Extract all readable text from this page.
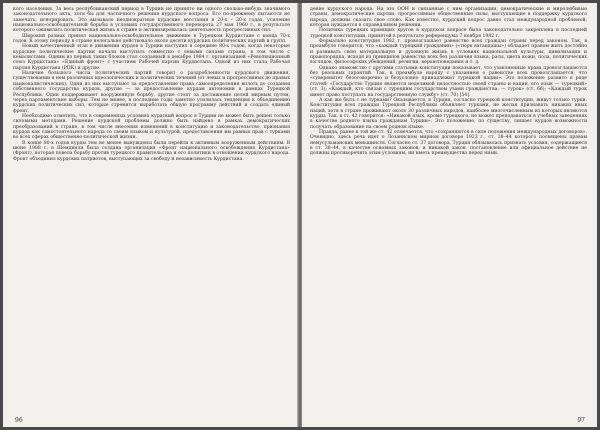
кого населения. За весь республиканский период в Турции не принято ни одного сколько-нибудь значимого законодательного акта, хотя бы для частичного решения курдского вопроса. Его по-прежнему пытаются не замечать, игнорировать. Это вызывало неоднократные курдские восстания в 20-х – 30-х годах, усиление национально-освободительной борьбы в условиях государственного переворота 27 мая 1960 г., в результате которого оживилась политическая жизнь в стране и активизировалась деятельность прогрессивных сил.

Широкий размах принял национально-освободительное движение в Турецком Курдистане с конца 70-х годов. К этому периоду в стране нелегально действовало около десяти курдских политических партий и групп.

Новый качественный этап в движении курдов в Турции наступил в середине 80-х годов, когда некоторые курдские политические партии начали выступать совместно с левыми силами страны, в том числе с кемалистами. Одним из первых таких блоков стал созданный в декабре 1984 г. организацией «Революционный союз Курдистана» «Единый фронт» с участием Рабочей партии Курдистана. Одной из них стала Рабочая партия Курдистана (РПК) и другие.

Наличие большого числа политических партий говорит о раздробленности курдского движения, существовании в нем различных идеологических и политических течений (от левых и прогрессивных до правых националистических). Одни из них выступают за предоставление права самоопределения вплоть до создания собственного государства курдов, другие — за предоставление курдам автономии в рамках Турецкой Республики. Одни поддерживают вооруженную борьбу, другие стоят за достижение целей мирным путем, через парламентские выборы. Тем не менее, в последние годы заметно усилилась тенденция к объединению курдских политических сил, которые стремятся выработать общую программу действий и создать единый фронт.

Необходимо отметить, что в современных условиях курдский вопрос в Турции не может быть решен только силовыми методами. Решение курдской проблемы должно быть найдено в рамках демократических преобразований в стране, в том числе внесения изменений в конституцию и законодательство, признания курдов как самостоятельного народа со своим языком и культурой, предоставления им равных прав с турками во всех сферах общественно-политической жизни.

В конце 80-х годов курды тем не менее вынуждены были перейти к активным вооруженным действиям. В июне 1988 г. в Шемдинли была создана организация «Фронт национального освобождения Курдистана» (Фронт), которая повела борьбу против турецкого правительства и его политики в отношении курдского народа. Фронт объединил курдских патриотов, выступающих за свободу и независимость Курдистана.

96

дение курдского народа. На это ООН и связанные с ним организации, демократические и миролюбивые страны, демократические партии, прогрессивные общественные силы, выступающие в поддержку курдского народа, должны сказать свое слово. Как известно, курдский вопрос давно стал международной проблемой, которая нуждается в справедливом решении.

Политика турецких правящих кругов в курдском вопросе была законодательно закреплена в последней турецкой конституции, принятой в результате референдума 7 ноября 1982 г.

Формально конституция 1982 г. провозглашает равенство всех граждан страны перед законом. Так, в преамбуле говорится, что «каждый турецкий гражданин» («тюрк ватандашы») обладает правом жить достойно и развивать свою материальную и духовную жизнь в условиях национальной культуры, цивилизации и правопорядка, исходя из принципов равенства всех без различия языка, расы, цвета кожи, пола, политических взглядов, философских убеждений, религии, вероисповедания и т. д.

Однако знакомство с другими статьями конституции показывает, что узаконенные права провозглашаются без реальных гарантий. Так, в преамбуле наряду с указанием о равенстве всех провозглашается, что «суверенитет безоговорочно и безусловно принадлежит турецкой нации». Это положение развито в ряде статей: «Государство Турция является неделимой целостностью своей страны и нации, его язык — турецкий» (ст. 3); «Каждый, кто связан с турецким государством узами гражданства, — турок» (ст. 66); «Каждый турок имеет право поступать на государственную службу» (ст. 70) [54].

А как же быть с не турками? Оказывается, в Турции, согласно турецкой конституции, живут только турки. Конституция всех граждан Турецкой Республики объявляет турками, не желая признавать никаких иных наций, хотя в стране проживают около 30 различных народов, наиболее многочисленным из которых являются курды. Так, в ст. 42 говорится: «Никакой язык, кроме турецкого, не может преподаваться в учебных заведениях в качестве родного языка гражданам Турции». Это положение, по существу, лишает курдов возможности получать образование на своем родном языке.

Правда, ранее в той же ст. 42 отмечается, что «сохраняются в силе положения международных договоров». Очевидно, здесь речь идет о Лозаннском мирном договоре 1923 г., ст. 38–44 которого посвящены правам немусульманских меньшинств. Согласно ст. 37 договора, Турция обязывалась признать условия, содержащиеся в ст. 38–44, в качестве основных законов, и никакой закон, постановление или официальное действие не должны противоречить этим условиям, ни иметь преимущества перед ними.

97
